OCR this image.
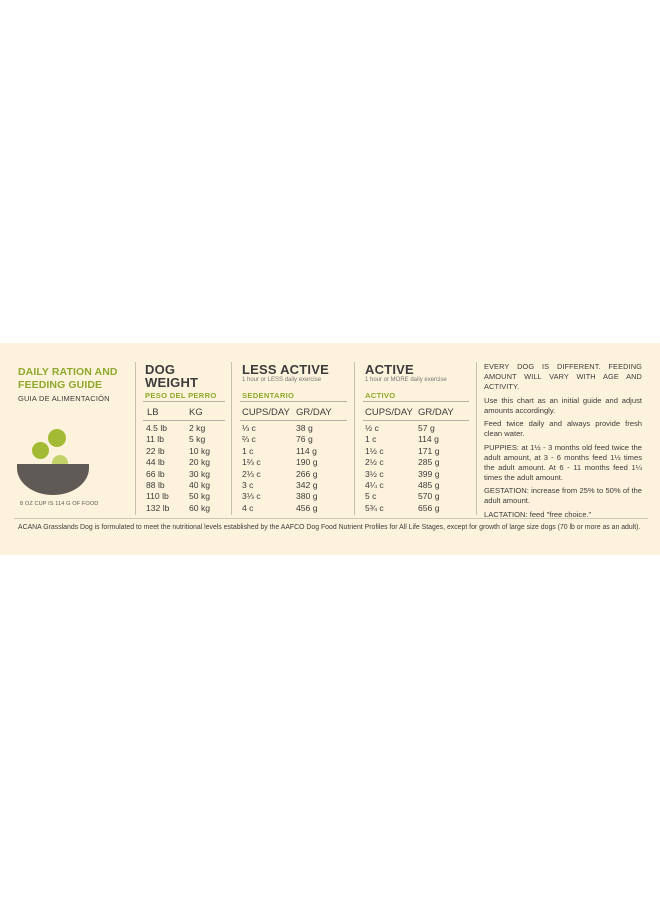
DAILY RATION AND
FEEDING GUIDE
GUIA DE ALIMENTACIÓN
8 OZ CUP IS 114 G OF FOOD
DOG
WEIGHT
PESO DEL PERRO
LB	KG
4.5 lb
11 lb
22 lb
44 lb
66 lb
88 lb
110 lb
132 lb
2 kg
5 kg
10 kg
20 kg
30 kg
40 kg
50 kg
60 kg
LESS ACTIVE
1 hour or LESS daily exercise
SEDENTARIO
CUPS/DAY GR/DAY
⅓ c
⅔ c
1 c
1⅔ c
2⅓ c
3 c
3⅓ c
4 c
38 g
76 g
114 g
190 g
266 g
342 g
380 g
456 g
ACTIVE
1 hour or MORE daily exercise
ACTIVO
CUPS/DAY GR/DAY
½ c
1 c
1½ c
2½ c
3½ c
4¼ c
5 c
5¾ c
57 g
114 g
171 g
285 g
399 g
485 g
570 g
656 g

EVERY DOG IS DIFFERENT. FEEDING AMOUNT WILL VARY WITH AGE AND ACTIVITY.

Use this chart as an initial guide and adjust amounts accordingly.

Feed twice daily and always provide fresh clean water.

PUPPIES: at 1½ - 3 months old feed twice the adult amount, at 3 - 6 months feed 1½ times the adult amount. At 6 - 11 months feed 1¼ times the adult amount.

GESTATION: increase from 25% to 50% of the adult amount.

LACTATION: feed "free choice."

ACANA Grasslands Dog is formulated to meet the nutritional levels established by the AAFCO Dog Food Nutrient Profiles for All Life Stages, except for growth of large size dogs (70 lb or more as an adult).
